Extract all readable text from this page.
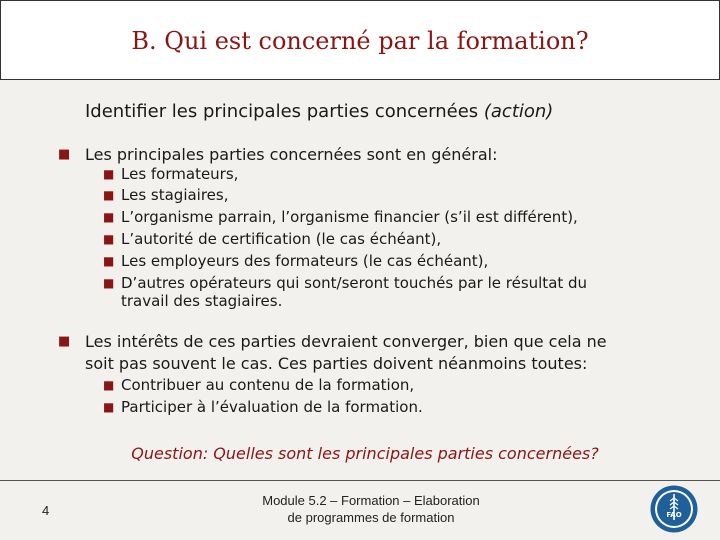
B. Qui est concerné par la formation?
Identifier les principales parties concernées (action)
■ Les principales parties concernées sont en général:
■ Les formateurs,
■ Les stagiaires,
■ L’organisme parrain, l’organisme financier (s’il est différent),
■ L’autorité de certification (le cas échéant),
■ Les employeurs des formateurs (le cas échéant),
■ D’autres opérateurs qui sont/seront touchés par le résultat du
travail des stagiaires.
■ Les intérêts de ces parties devraient converger, bien que cela ne
soit pas souvent le cas. Ces parties doivent néanmoins toutes:
■ Contribuer au contenu de la formation,
■ Participer à l’évaluation de la formation.
Question: Quelles sont les principales parties concernées?
4
Module 5.2 – Formation – Elaboration
de programmes de formation	FAO
